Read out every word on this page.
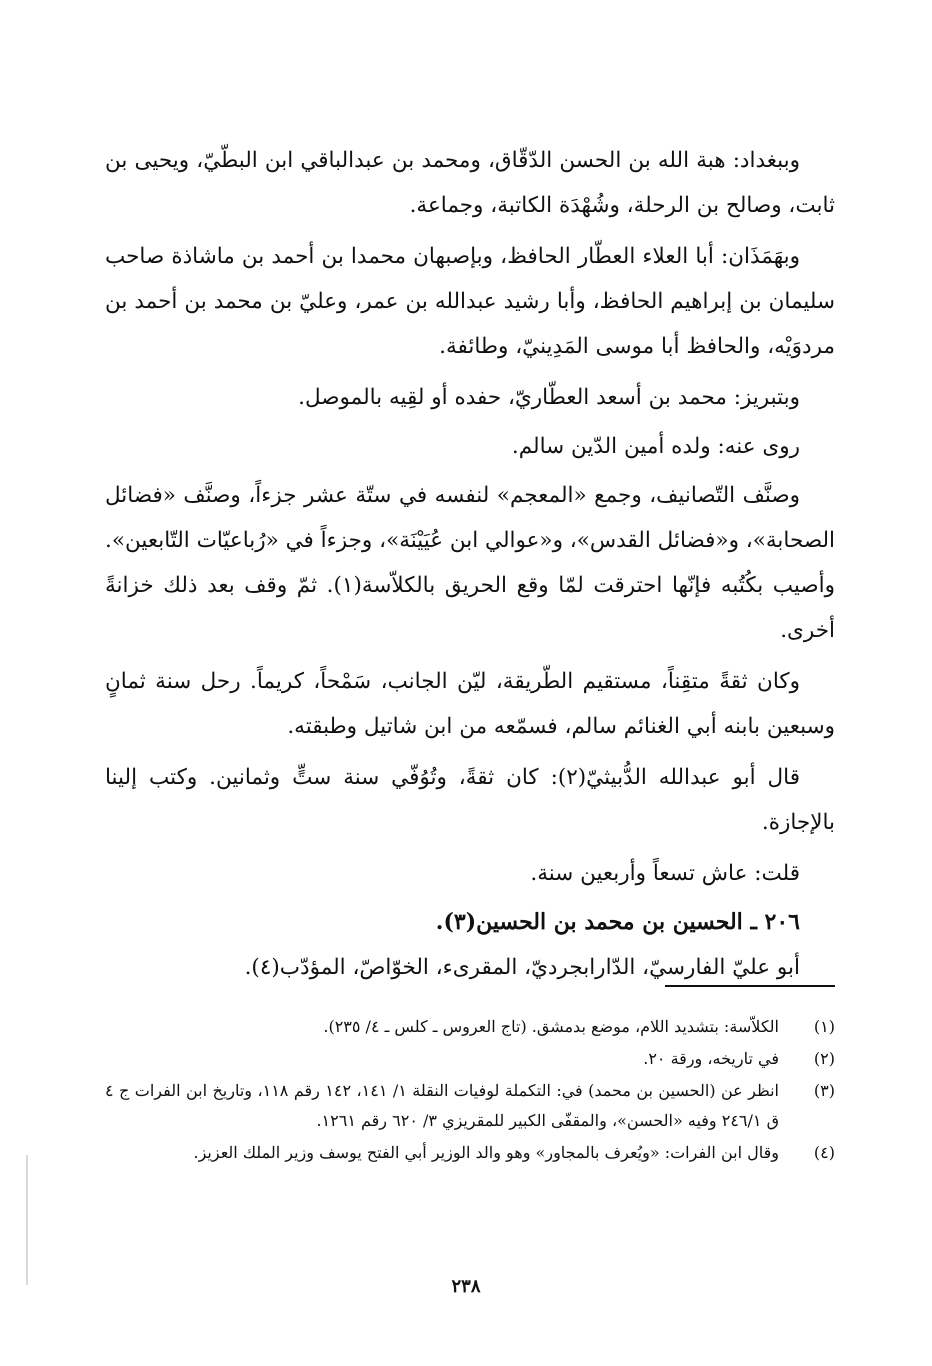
وببغداد: هبة الله بن الحسن الدّقّاق، ومحمد بن عبدالباقي ابن البطّيّ، ويحيى بن ثابت، وصالح بن الرحلة، وشُهْدَة الكاتبة، وجماعة.

وبهَمَذَان: أبا العلاء العطّار الحافظ، وبإصبهان محمدا بن أحمد بن ماشاذة صاحب سليمان بن إبراهيم الحافظ، وأبا رشيد عبدالله بن عمر، وعليّ بن محمد بن أحمد بن مردوَيْه، والحافظ أبا موسى المَدِينيّ، وطائفة.

وبتبريز: محمد بن أسعد العطّاريّ، حفده أو لقِيه بالموصل.

روى عنه: ولده أمين الدّين سالم.

وصنَّف التّصانيف، وجمع «المعجم» لنفسه في ستّة عشر جزءاً، وصنَّف «فضائل الصحابة»، و«فضائل القدس»، و«عوالي ابن عُيَيْنَة»، وجزءاً في «رُباعيّات التّابعين». وأصيب بكُتُبه فإنّها احترقت لمّا وقع الحريق بالكلاّسة(١). ثمّ وقف بعد ذلك خزانةً أخرى.

وكان ثقةً متقِناً، مستقيم الطّريقة، ليّن الجانب، سَمْحاً، كريماً. رحل سنة ثمانٍ وسبعين بابنه أبي الغنائم سالم، فسمّعه من ابن شاتيل وطبقته.

قال أبو عبدالله الدُّبيثيّ(٢): كان ثقةً، وتُوُفّي سنة ستٍّ وثمانين. وكتب إلينا بالإجازة.

قلت: عاش تسعاً وأربعين سنة.

٢٠٦ ـ الحسين بن محمد بن الحسين(٣).

أبو عليّ الفارسيّ، الدّارابجرديّ، المقرىء، الخوّاصّ، المؤدّب(٤).

(١)
الكلاّسة: بتشديد اللام، موضع بدمشق. (تاج العروس ـ كلس ـ ٤/ ٢٣٥).
(٢)
في تاريخه، ورقة ٢٠.
(٣)
انظر عن (الحسين بن محمد) في: التكملة لوفيات النقلة ١/ ١٤١، ١٤٢ رقم ١١٨، وتاريخ ابن الفرات ج ٤ ق ٢٤٦/١ وفيه «الحسن»، والمقفّى الكبير للمقريزي ٣/ ٦٢٠ رقم ١٢٦١.
(٤)
وقال ابن الفرات: «ويُعرف بالمجاور» وهو والد الوزير أبي الفتح يوسف وزير الملك العزيز.
٢٣٨
